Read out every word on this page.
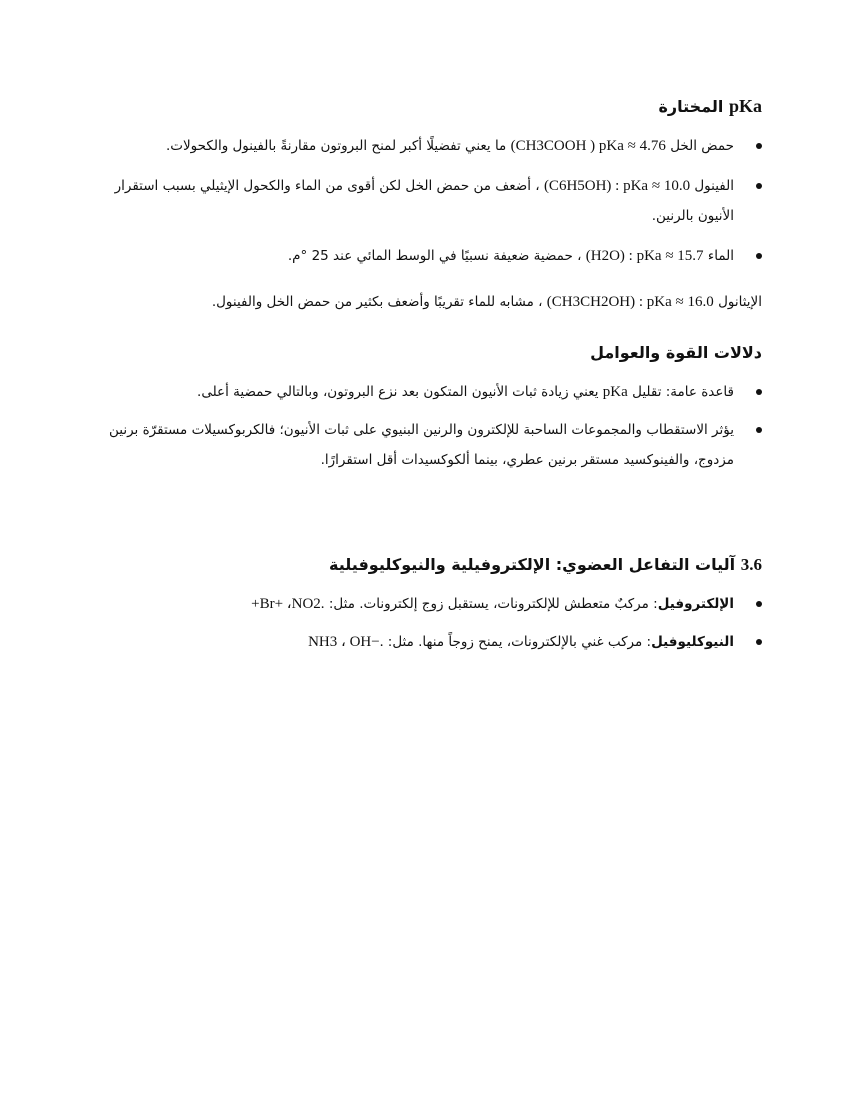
pKa المختارة
حمض الخل (CH3COOH ) pKa ≈ 4.76 ما يعني تفضيلًا أكبر لمنح البروتون مقارنةً بالفينول والكحولات.
الفينول (C6H5OH) : pKa ≈ 10.0 ، أضعف من حمض الخل لكن أقوى من الماء والكحول الإيثيلي بسبب استقرار الأنيون بالرنين.
الماء (H2O) : pKa ≈ 15.7 ، حمضية ضعيفة نسبيًا في الوسط المائي عند 25 °م.

الإيثانول (CH3CH2OH) : pKa ≈ 16.0 ، مشابه للماء تقريبًا وأضعف بكثير من حمض الخل والفينول.

دلالات القوة والعوامل
قاعدة عامة: تقليل pKa يعني زيادة ثبات الأنيون المتكون بعد نزع البروتون، وبالتالي حمضية أعلى.
يؤثر الاستقطاب والمجموعات الساحبة للإلكترون والرنين البنيوي على ثبات الأنيون؛ فالكربوكسيلات مستقرّة برنين مزدوج، والفينوكسيد مستقر برنين عطري، بينما ألكوكسيدات أقل استقرارًا.
3.6 آليات التفاعل العضوي: الإلكتروفيلية والنيوكليوفيلية
الإلكتروفيل: مركبٌ متعطش للإلكترونات، يستقبل زوج إلكترونات. مثل: +Br+ ،NO2.
النيوكليوفيل: مركب غني بالإلكترونات، يمنح زوجاً منها. مثل: NH3 ، OH−.
